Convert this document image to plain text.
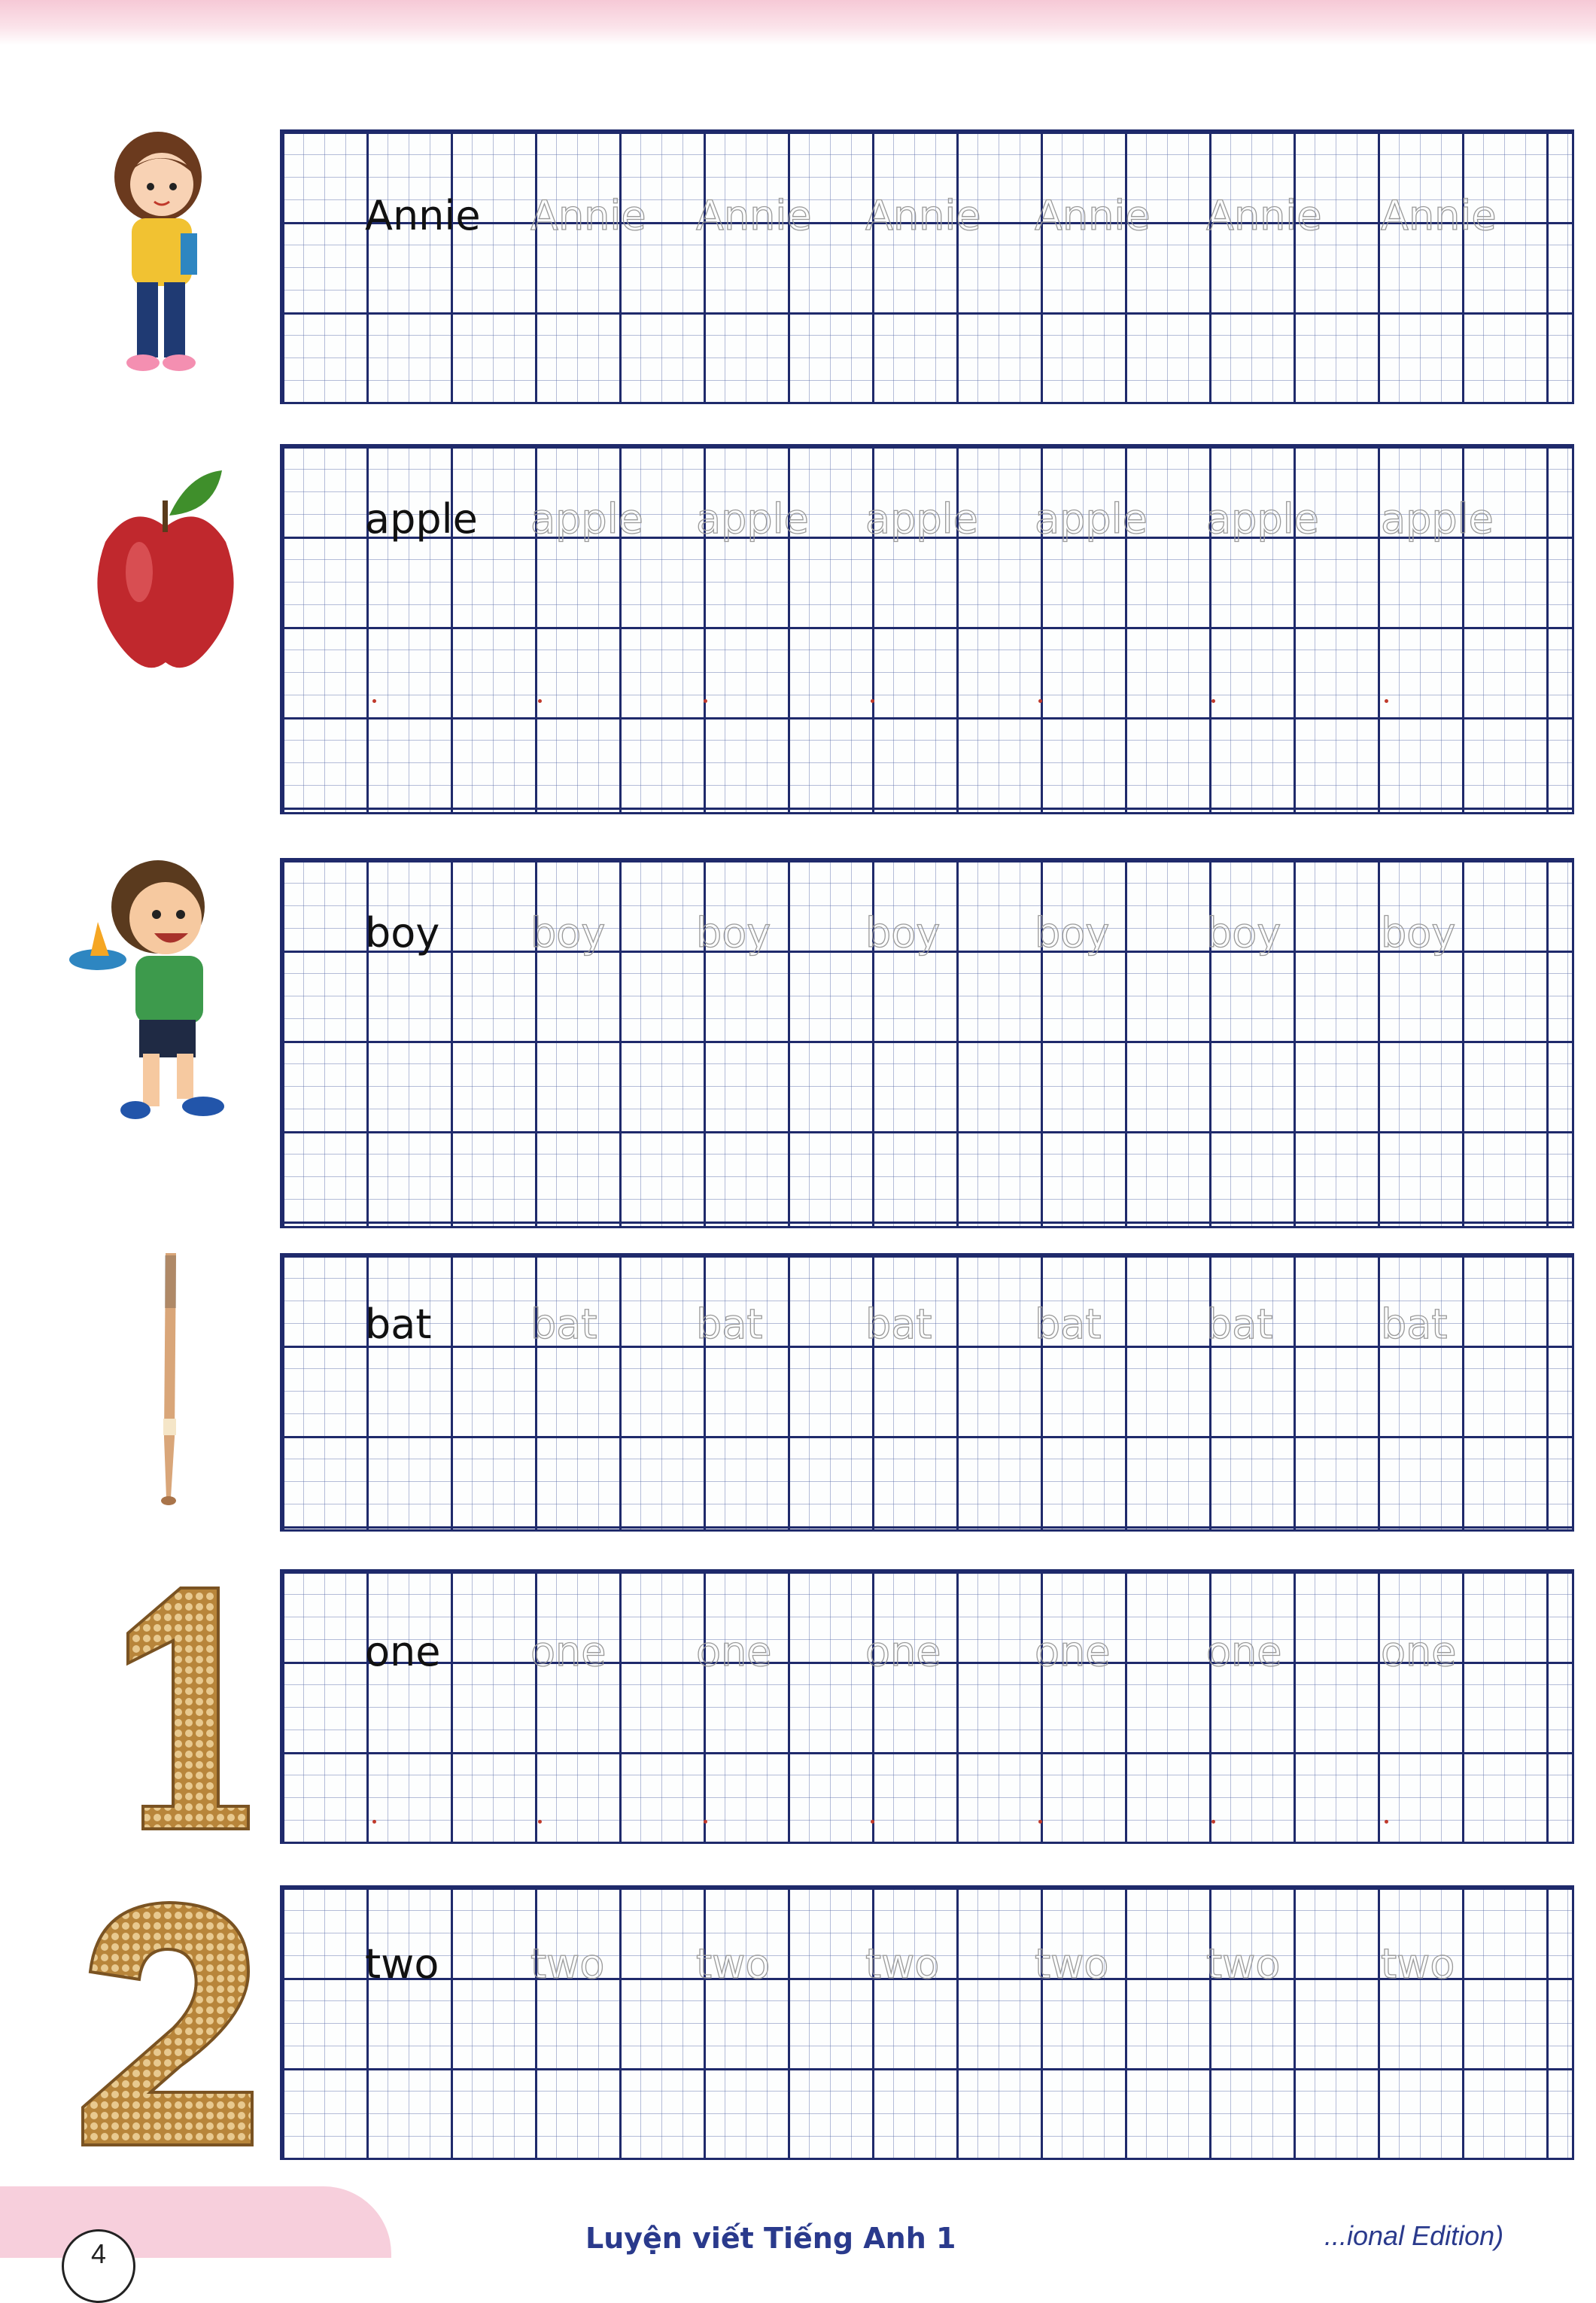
Annie Annie Annie Annie Annie Annie Annie
apple apple apple apple apple apple apple
boy boy boy boy boy boy boy
bat bat bat	bat	bat	bat	bat
one one one one one one one
two two two two two two two
4	Luyện viết Tiếng Anh 1	...ional Edition)
